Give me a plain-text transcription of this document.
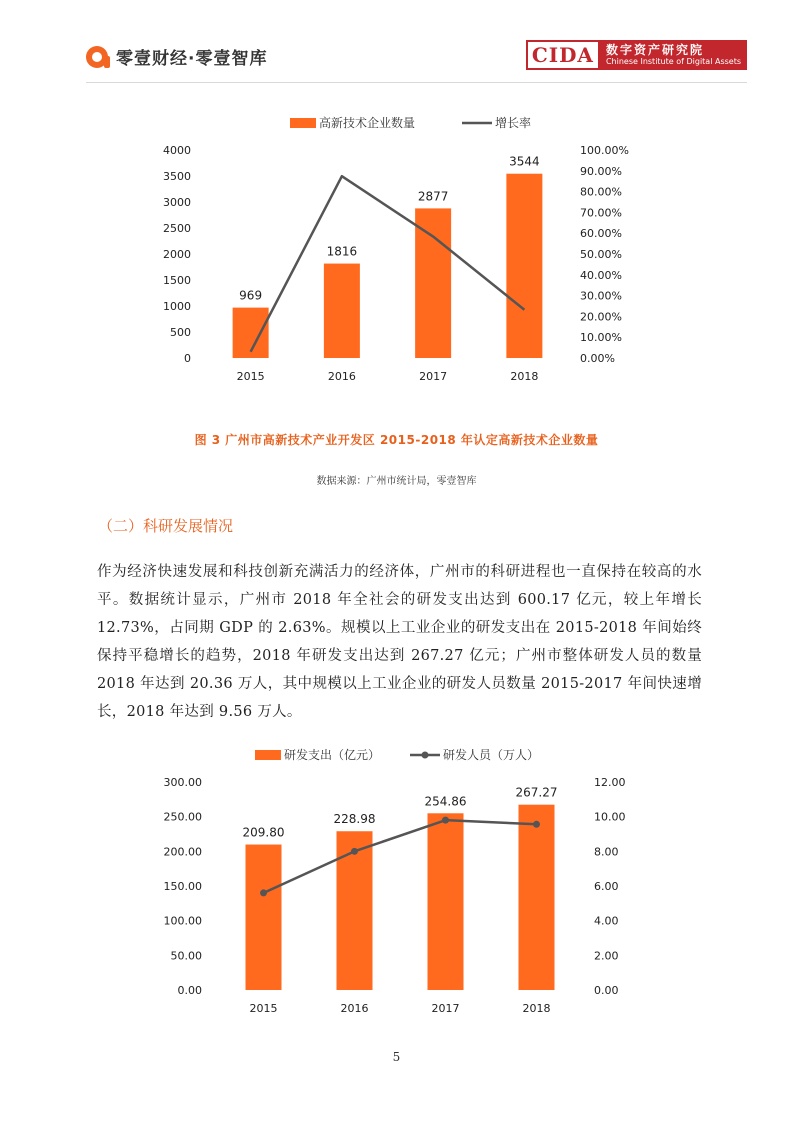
零壹财经·零壹智库	CIDA	数字资产研究院
Chinese Institute of Digital Assets
高新技术企业数量	增长率
0
500
1000
1500
2000
2500
3000
3500
4000
0.00%
10.00%
20.00%
30.00%
40.00%
50.00%
60.00%
70.00%
80.00%
90.00%
100.00%
969
1816
2877
3544
2015	2016	2017	2018
图 3 广州市高新技术产业开发区 2015-2018 年认定高新技术企业数量
数据来源：广州市统计局，零壹智库
（二）科研发展情况
作为经济快速发展和科技创新充满活力的经济体，广州市的科研进程也一直保持在较高的水平。数据统计显示，广州市 2018 年全社会的研发支出达到 600.17 亿元，较上年增长 12.73%，占同期 GDP 的 2.63%。规模以上工业企业的研发支出在 2015-2018 年间始终保持平稳增长的趋势，2018 年研发支出达到 267.27 亿元；广州市整体研发人员的数量 2018 年达到 20.36 万人，其中规模以上工业企业的研发人员数量 2015-2017 年间快速增长，2018 年达到 9.56 万人。
研发支出（亿元）	研发人员（万人）
0.00
50.00
100.00
150.00
200.00
250.00
300.00
0.00
2.00
4.00
6.00
8.00
10.00
12.00
209.80
228.98
254.86
267.27
2015	2016	2017	2018
5
